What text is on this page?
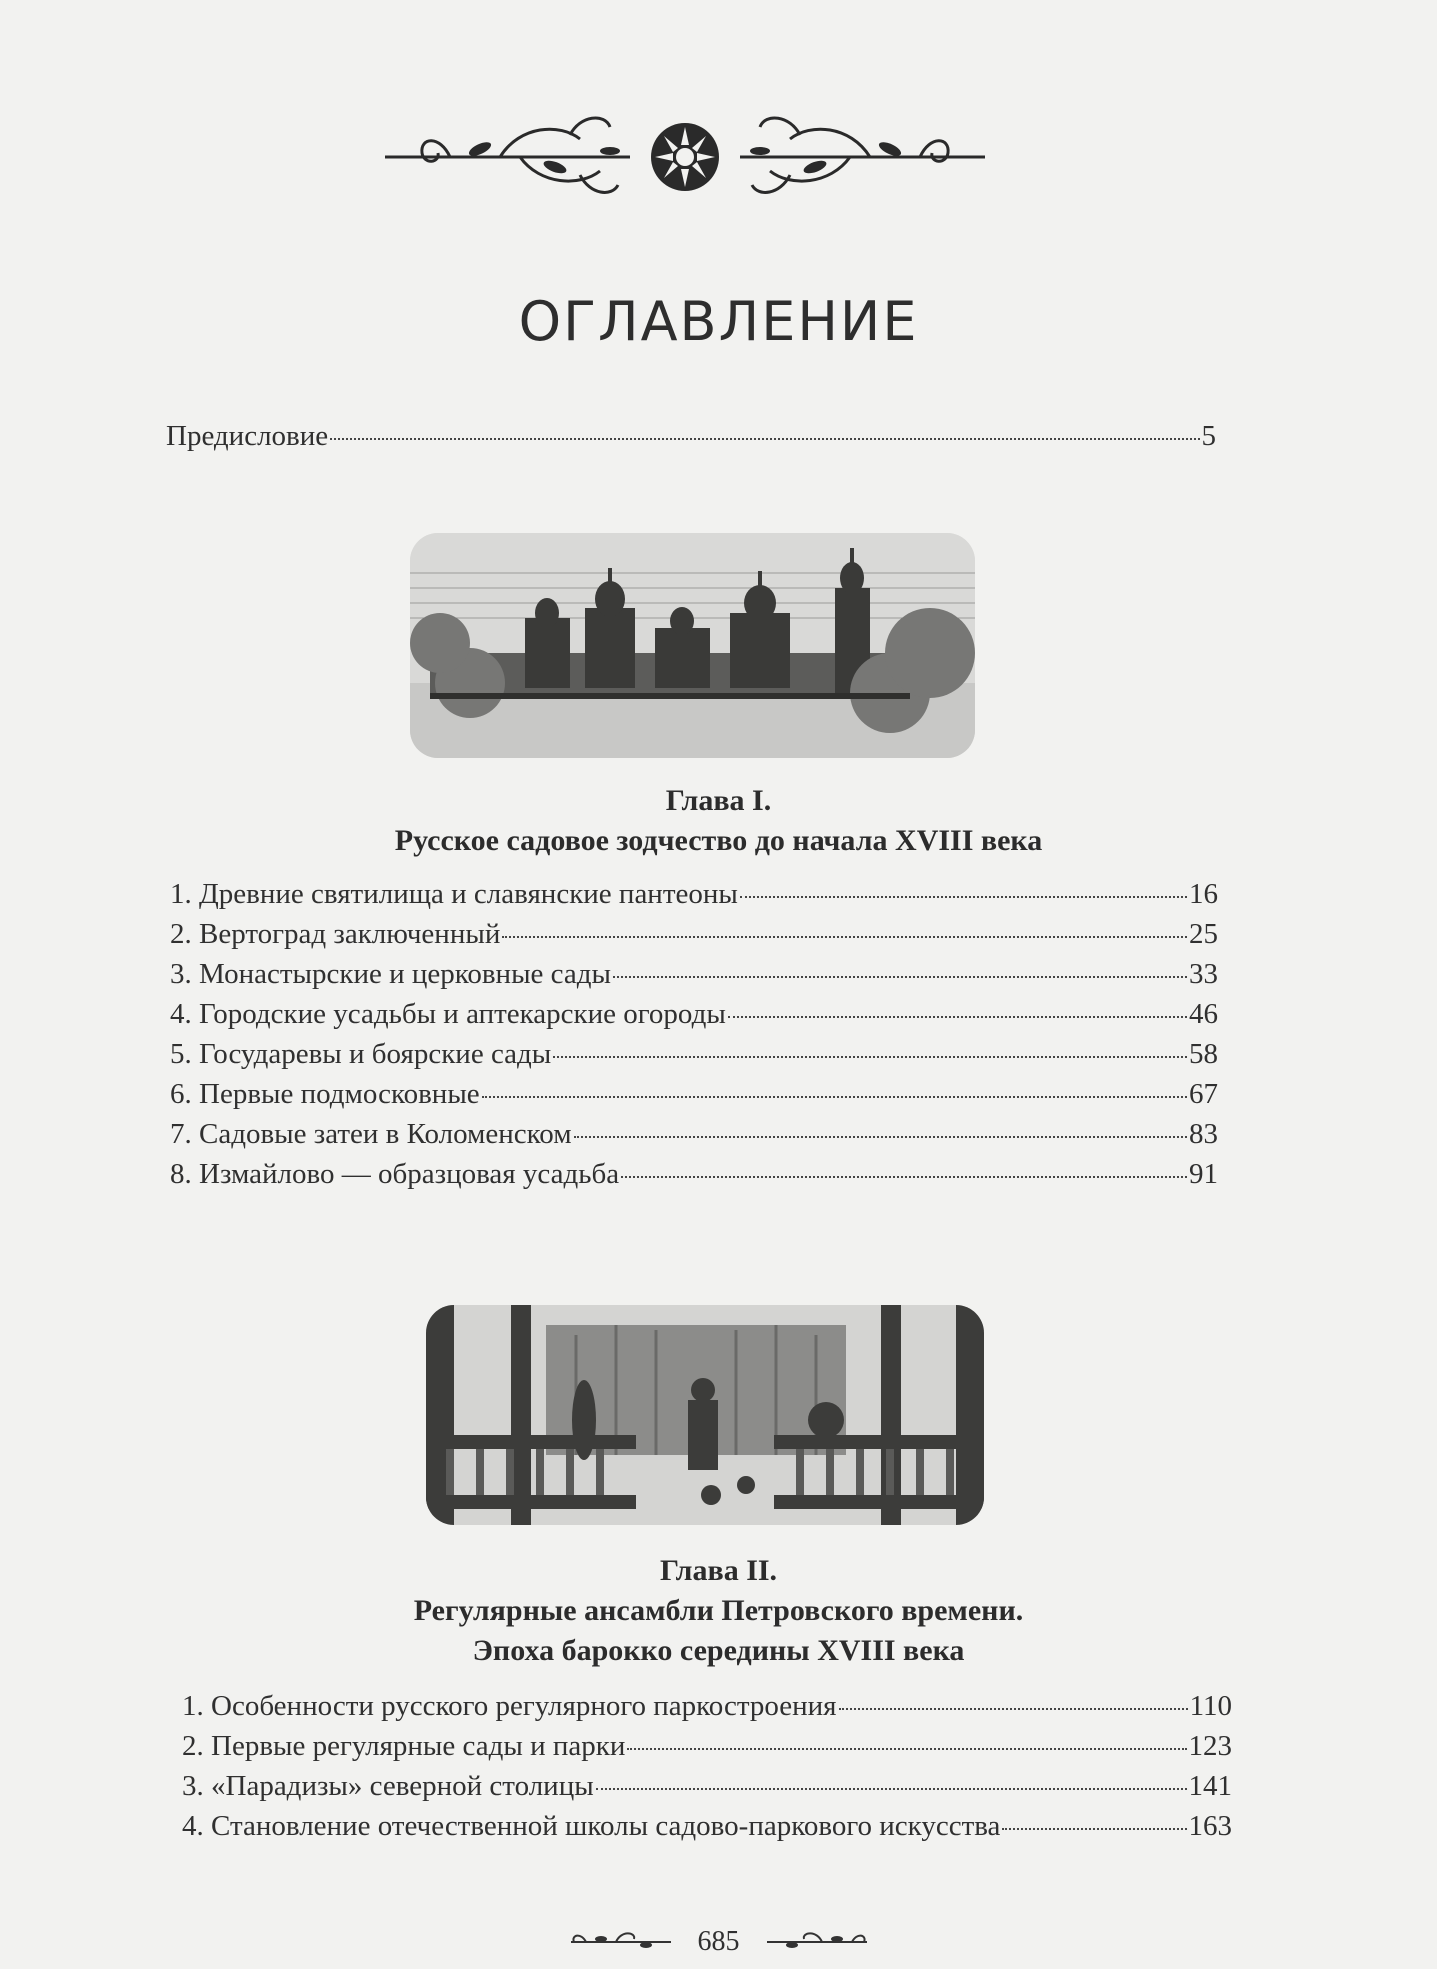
ОГЛАВЛЕНИЕ
Предисловие	5
Глава I.
Русское садовое зодчество до начала XVIII века
1. Древние святилища и славянские пантеоны	16
2. Вертоград заключенный	25
3. Монастырские и церковные сады	33
4. Городские усадьбы и аптекарские огороды	46
5. Государевы и боярские сады	58
6. Первые подмосковные	67
7. Садовые затеи в Коломенском	83
8. Измайлово — образцовая усадьба	91
Глава II.
Регулярные ансамбли Петровского времени.
Эпоха барокко середины XVIII века
1. Особенности русского регулярного паркостроения	110
2. Первые регулярные сады и парки	123
3. «Парадизы» северной столицы	141
4. Становление отечественной школы садово-паркового искусства	163
685
